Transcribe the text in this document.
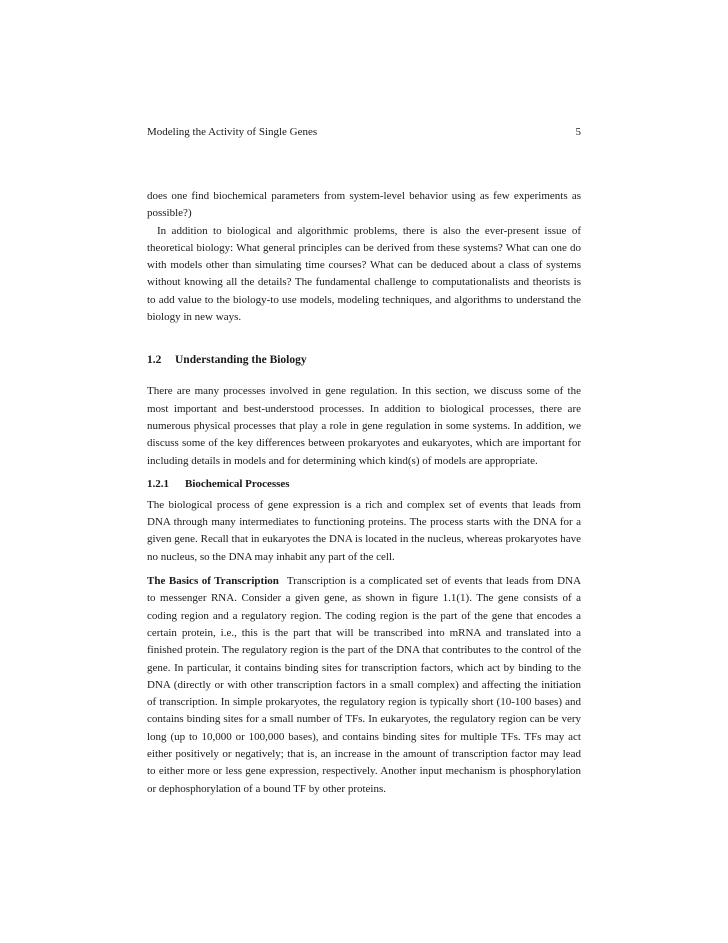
Modeling the Activity of Single Genes	5

does one find biochemical parameters from system-level behavior using as few experiments as possible?)

In addition to biological and algorithmic problems, there is also the ever-present issue of theoretical biology: What general principles can be derived from these systems? What can one do with models other than simulating time courses? What can be deduced about a class of systems without knowing all the details? The fundamental challenge to computationalists and theorists is to add value to the biology-to use models, modeling techniques, and algorithms to understand the biology in new ways.

1.2 Understanding the Biology

There are many processes involved in gene regulation. In this section, we discuss some of the most important and best-understood processes. In addition to biological processes, there are numerous physical processes that play a role in gene regulation in some systems. In addition, we discuss some of the key differences between prokaryotes and eukaryotes, which are important for including details in models and for determining which kind(s) of models are appropriate.

1.2.1 Biochemical Processes

The biological process of gene expression is a rich and complex set of events that leads from DNA through many intermediates to functioning proteins. The process starts with the DNA for a given gene. Recall that in eukaryotes the DNA is located in the nucleus, whereas prokaryotes have no nucleus, so the DNA may inhabit any part of the cell.

The Basics of Transcription Transcription is a complicated set of events that leads from DNA to messenger RNA. Consider a given gene, as shown in figure 1.1(1). The gene consists of a coding region and a regulatory region. The coding region is the part of the gene that encodes a certain protein, i.e., this is the part that will be transcribed into mRNA and translated into a finished protein. The regulatory region is the part of the DNA that contributes to the control of the gene. In particular, it contains binding sites for transcription factors, which act by binding to the DNA (directly or with other transcription factors in a small complex) and affecting the initiation of transcription. In simple prokaryotes, the regulatory region is typically short (10-100 bases) and contains binding sites for a small number of TFs. In eukaryotes, the regulatory region can be very long (up to 10,000 or 100,000 bases), and contains binding sites for multiple TFs. TFs may act either positively or negatively; that is, an increase in the amount of transcription factor may lead to either more or less gene expression, respectively. Another input mechanism is phosphorylation or dephosphorylation of a bound TF by other proteins.
